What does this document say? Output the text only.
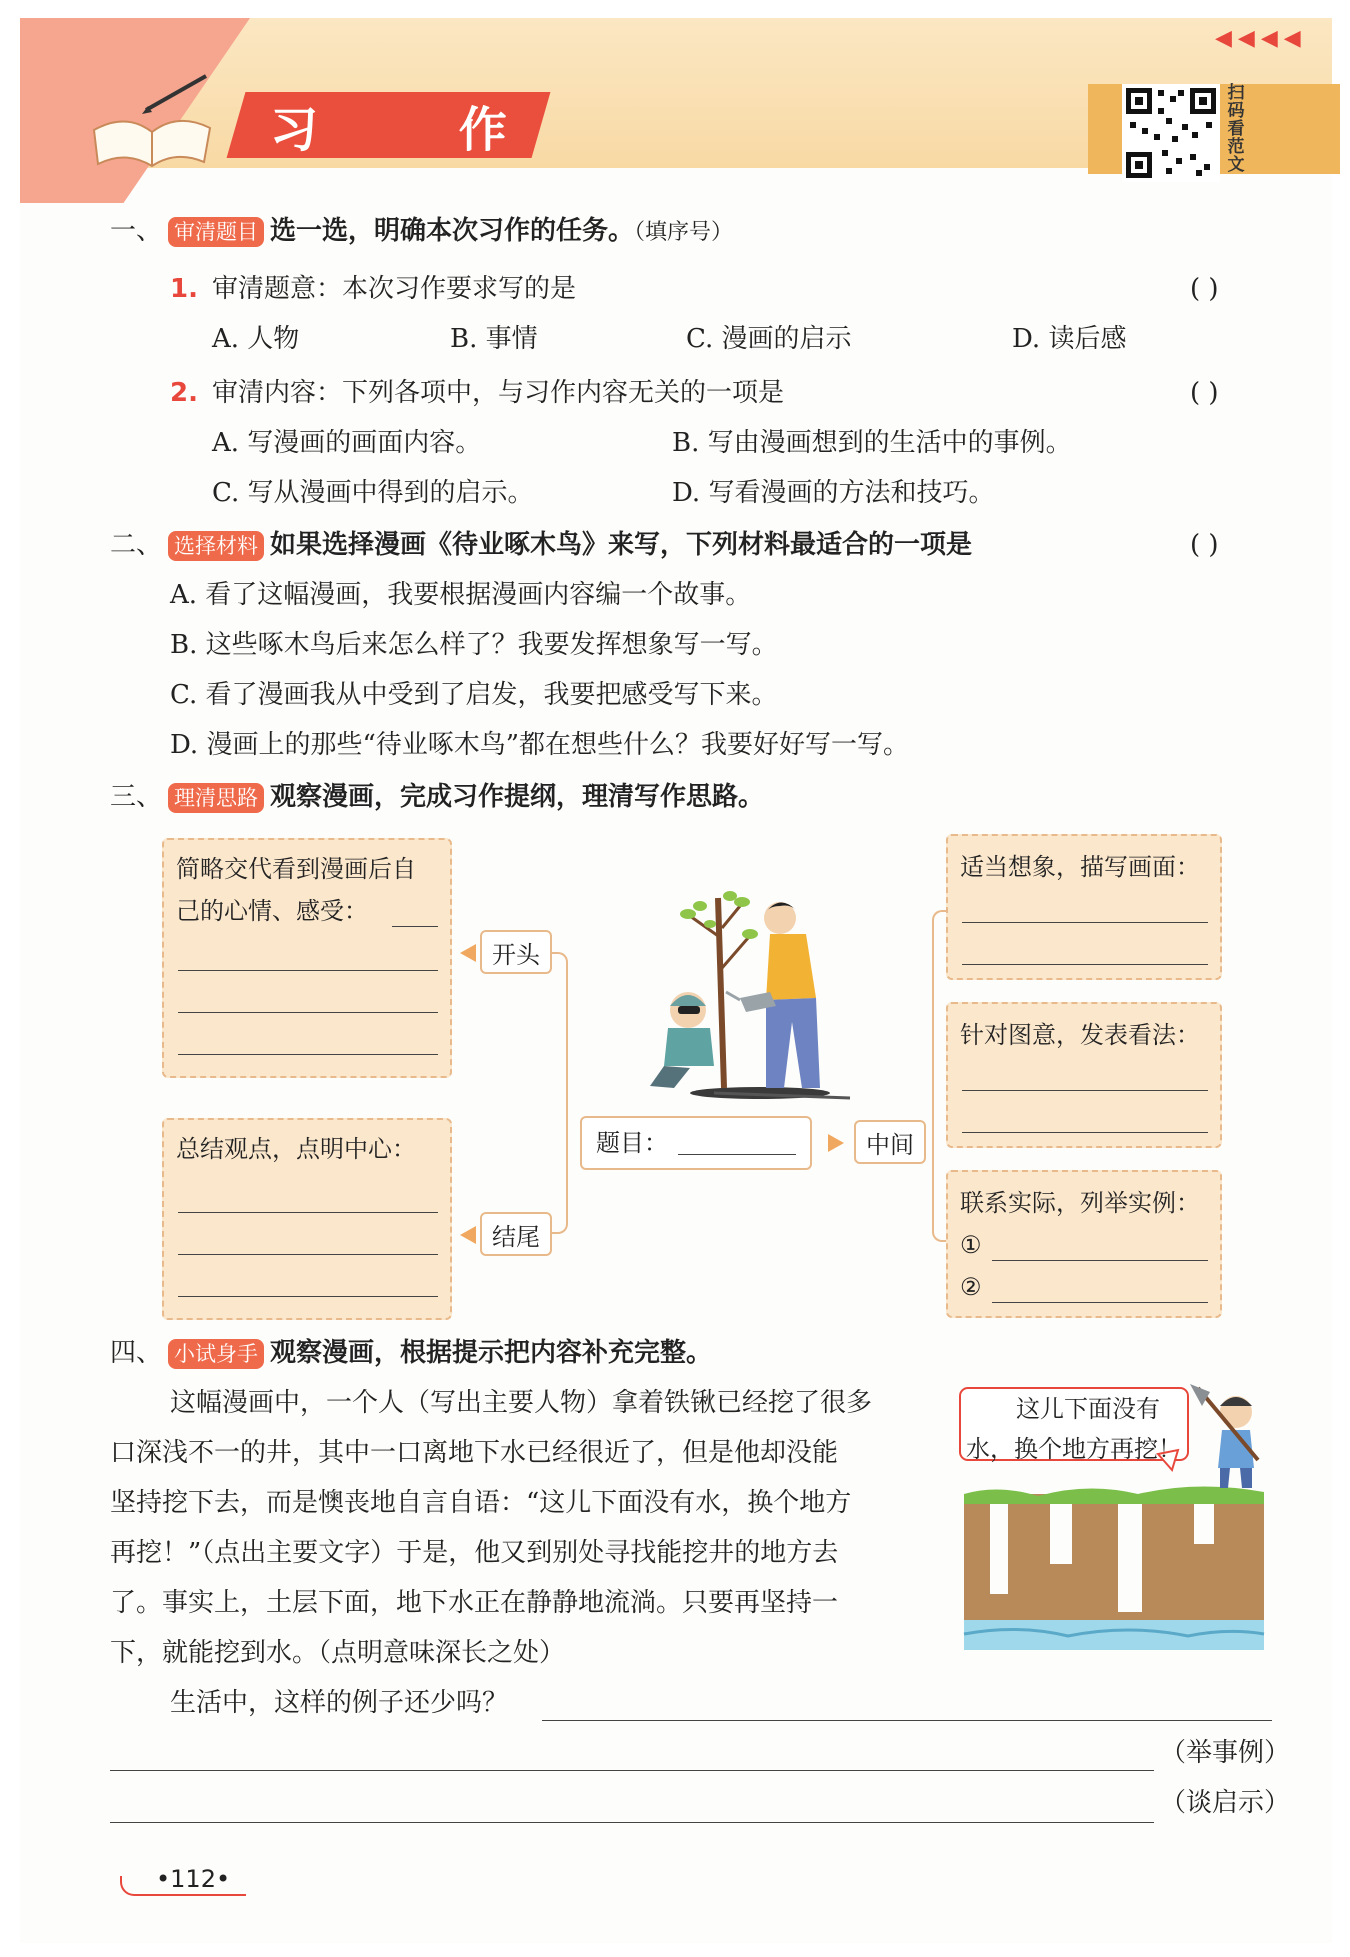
习 作
◀ ◀ ◀ ◀
扫码看范文
一、 审清题目 选一选，明确本次习作的任务。（填序号）
1. 审清题意：本次习作要求写的是	( )
A. 人物	B. 事情	C. 漫画的启示	D. 读后感
2. 审清内容：下列各项中，与习作内容无关的一项是	( )
A. 写漫画的画面内容。	B. 写由漫画想到的生活中的事例。
C. 写从漫画中得到的启示。	D. 写看漫画的方法和技巧。
二、 选择材料 如果选择漫画《待业啄木鸟》来写，下列材料最适合的一项是	( )
A. 看了这幅漫画，我要根据漫画内容编一个故事。
B. 这些啄木鸟后来怎么样了？我要发挥想象写一写。
C. 看了漫画我从中受到了启发，我要把感受写下来。
D. 漫画上的那些“待业啄木鸟”都在想些什么？我要好好写一写。
三、 理清思路 观察漫画，完成习作提纲，理清写作思路。
简略交代看到漫画后自
己的心情、感受：
总结观点，点明中心：
开头
结尾
题目：	中间
适当想象，描写画面：
针对图意，发表看法：
联系实际，列举实例：
①
②
四、 小试身手 观察漫画，根据提示把内容补充完整。
这幅漫画中，一个人（写出主要人物）拿着铁锹已经挖了很多
口深浅不一的井，其中一口离地下水已经很近了，但是他却没能
坚持挖下去，而是懊丧地自言自语：“这儿下面没有水，换个地方
再挖！”（点出主要文字）于是，他又到别处寻找能挖井的地方去
了。事实上，土层下面，地下水正在静静地流淌。只要再坚持一
下，就能挖到水。（点明意味深长之处）
这儿下面没有
水，换个地方再挖！
生活中，这样的例子还少吗？
（举事例）
（谈启示）
•112•
